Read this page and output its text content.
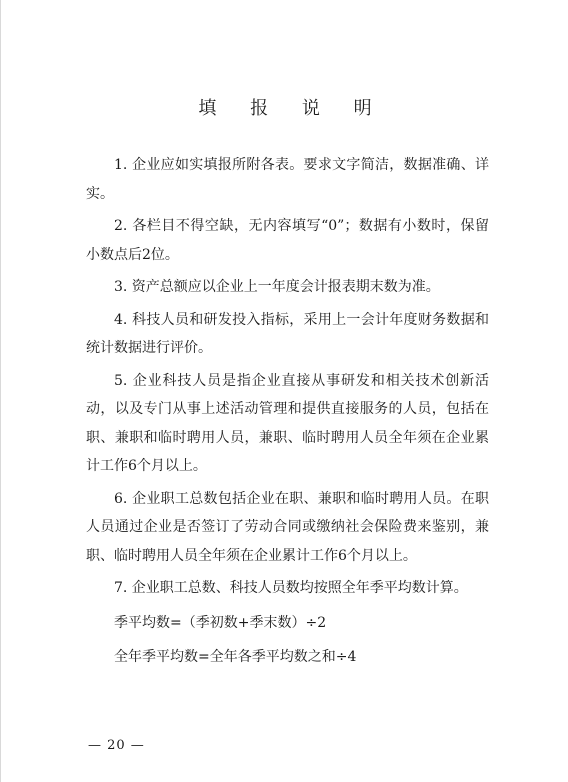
填 报 说 明

1. 企业应如实填报所附各表。要求文字简洁，数据准确、详实。

2. 各栏目不得空缺，无内容填写“0”；数据有小数时，保留小数点后2位。

3. 资产总额应以企业上一年度会计报表期末数为准。

4. 科技人员和研发投入指标，采用上一会计年度财务数据和统计数据进行评价。

5. 企业科技人员是指企业直接从事研发和相关技术创新活动，以及专门从事上述活动管理和提供直接服务的人员，包括在职、兼职和临时聘用人员，兼职、临时聘用人员全年须在企业累计工作6个月以上。

6. 企业职工总数包括企业在职、兼职和临时聘用人员。在职人员通过企业是否签订了劳动合同或缴纳社会保险费来鉴别，兼职、临时聘用人员全年须在企业累计工作6个月以上。

7. 企业职工总数、科技人员数均按照全年季平均数计算。

季平均数=（季初数+季末数）÷2

全年季平均数=全年各季平均数之和÷4

— 20 —
